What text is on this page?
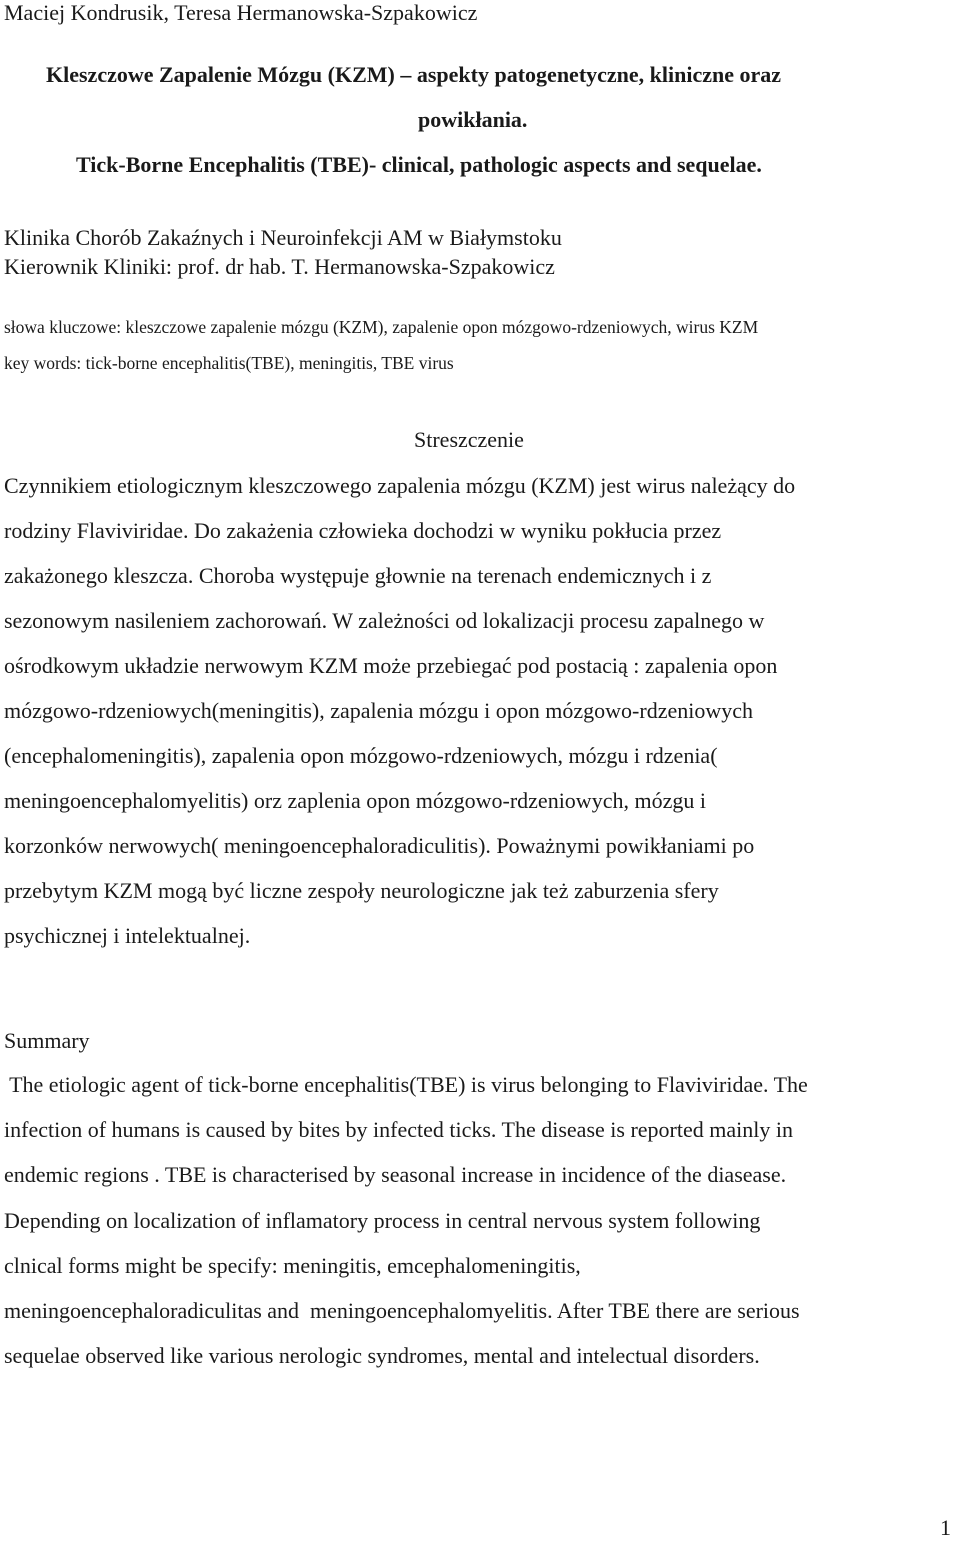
Maciej Kondrusik, Teresa Hermanowska-Szpakowicz
Kleszczowe Zapalenie Mózgu (KZM) – aspekty patogenetyczne, kliniczne oraz
powikłania.
Tick-Borne Encephalitis (TBE)- clinical, pathologic aspects and sequelae.
Klinika Chorób Zakaźnych i Neuroinfekcji AM w Białymstoku
Kierownik Kliniki: prof. dr hab. T. Hermanowska-Szpakowicz
słowa kluczowe: kleszczowe zapalenie mózgu (KZM), zapalenie opon mózgowo-rdzeniowych, wirus KZM
key words: tick-borne encephalitis(TBE), meningitis, TBE virus
Streszczenie
Czynnikiem etiologicznym kleszczowego zapalenia mózgu (KZM) jest wirus należący do
rodziny Flaviviridae. Do zakażenia człowieka dochodzi w wyniku pokłucia przez
zakażonego kleszcza. Choroba występuje głownie na terenach endemicznych i z
sezonowym nasileniem zachorowań. W zależności od lokalizacji procesu zapalnego w
ośrodkowym układzie nerwowym KZM może przebiegać pod postacią : zapalenia opon
mózgowo-rdzeniowych(meningitis), zapalenia mózgu i opon mózgowo-rdzeniowych
(encephalomeningitis), zapalenia opon mózgowo-rdzeniowych, mózgu i rdzenia(
meningoencephalomyelitis) orz zaplenia opon mózgowo-rdzeniowych, mózgu i
korzonków nerwowych( meningoencephaloradiculitis). Poważnymi powikłaniami po
przebytym KZM mogą być liczne zespoły neurologiczne jak też zaburzenia sfery
psychicznej i intelektualnej.
Summary
The etiologic agent of tick-borne encephalitis(TBE) is virus belonging to Flaviviridae. The
infection of humans is caused by bites by infected ticks. The disease is reported mainly in
endemic regions . TBE is characterised by seasonal increase in incidence of the diasease.
Depending on localization of inflamatory process in central nervous system following
clnical forms might be specify: meningitis, emcephalomeningitis,
meningoencephaloradiculitas and  meningoencephalomyelitis. After TBE there are serious
sequelae observed like various nerologic syndromes, mental and intelectual disorders.
1
